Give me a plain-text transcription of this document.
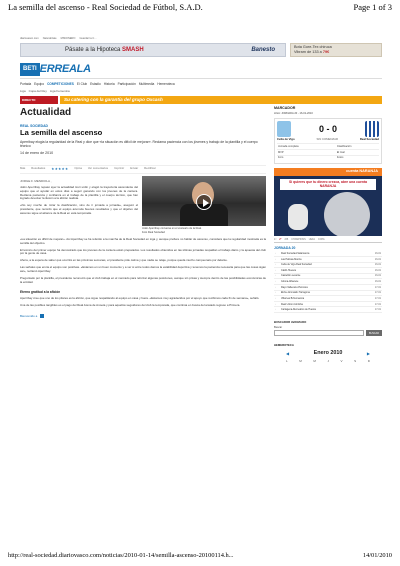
La semilla del ascenso - Real Sociedad de Fútbol, S.A.D.	Page 1 of 3
diariovasco.com Naturalizate MISIONERO Guardar la C...
Pásate a la Hipoteca SMASH	Banesto	Bota Gore-Tex chiruca
Vibram de 133 a 79€
BETI ERREALA
Portada Equipo COMPETICIONES El Club Estadio Historia Participación Multimedia Hemeroteca
Liga Copa del Rey Liga Femenina
DIRECTO	Su catering con la garantía del grupo Oxcash
Actualidad
REAL SOCIEDAD
La semilla del ascenso
Aperribay elogia la regularidad de la Real y dice que «la situación es difícil de mejorar». Reclama paciencia con los jóvenes y trabajo de la plantilla y el cuerpo técnico
14 de enero de 2010
Más Resultados ★★★★★ Opina Ver comentarios Imprimir Enviar Rectificar
JORGE F. MENDIOLA ,

Jokin Aperribay repasó ayer la actualidad txuri urdin y elogió la trayectoria ascendente del equipo que el ayudar en estos días a seguir ganando con los jóvenes de la cantera. Reclama paciencia y confianza en el trabajo de la plantilla y el cuerpo técnico, que han logrado devolver la ilusión a la afición realista.

«No soy mucho de mirar la clasificación, sino de ir jornada a jornada», aseguró el presidente, que recordó que el equipo acumula buenos resultados y que el objetivo del ascenso sigue al alcance de la Real en esta temporada.

Jokin Aperribay conversa en el vestuario de la Real.
Foto Real Sociedad

«La situación es difícil de mejorar». Así Aperribay se ha referido a la marcha de la Real Sociedad en Liga y, aunque prefiere no hablar de ascenso, considera que la regularidad mostrada es la semilla del objetivo.

El técnico del primer equipo ha demostrado que los jóvenes de la cantera están preparados. Los resultados obtenidos en las últimas jornadas respaldan el trabajo diario y la apuesta del club por la gente de casa.

Ahora, a la espera de saber qué ocurrirá en las próximas semanas, el presidente pide calma y que nadie se relaje, porque queda mucho campeonato por delante.

Las señales que envía el equipo son positivas. «Estamos en un buen momento y a ver si entre todos damos la estabilidad deportiva y tenemos la paciencia necesaria para que las cosas sigan así», reclamó Aperribay.

Preguntado por la plantilla, el presidente reconoció que el club trabaja en el mercado para reforzar algunas posiciones, aunque sin prisas y siempre dentro de las posibilidades económicas de la entidad.

Eterno gratitud a la afición

Aperribay cree que uno de los pilares es la afición, que sigue respaldando al equipo en casa y fuera. «Estamos muy agradecidos por el apoyo que recibimos cada fin de semana», señaló.

Una de las posibles tangibles es el pago del Real Arena de Anoeta y para aquellos seguidores del club la temporada, que continúa en busca del ansiado regreso a Primera.

Bienvenido a
MARCADOR
LIGA: JORNADA 20 - 16-01-2010
0 - 0
Celta de Vigo	SIN COMENZAR	Real Sociedad
Jornada completa	Clasificación
MVP	El rival
Foro	Fotos
cuenta NARANJA
Si quieres que tu dinero crezca, abre una cuenta NARANJA
1ª 2ª 2ªB CHAMPIONS UEFA COPA
JORNADA 20
◦	Real Sociedad-Salamanca	16-01
◦	Las Palmas-Murcia	16-01
◦	Celta de Vigo-Real Sociedad	16-01
◦	Cádiz-Huesca	16-01
◦	Castellón-Levante	16-01
◦	Girona-Albacete	16-01
◦	Rayo Vallecano-Hércules	17-01
◦	Elche-Gimnàstic Tarragona	17-01
◦	Villarreal B-Numancia	17-01
◦	Real Unión-Córdoba	17-01
◦	Cartagena-Recreativo de Huelva	17-01
BUSCADOR AVANZADO
Buscar
BUSCAR
HEMEROTECA
◀	Enero 2010	▶
L	M	M	J	V	S	D
http://real-sociedad.diariovasco.com/noticias/2010-01-14/semilla-ascenso-20100114.h...	14/01/2010
